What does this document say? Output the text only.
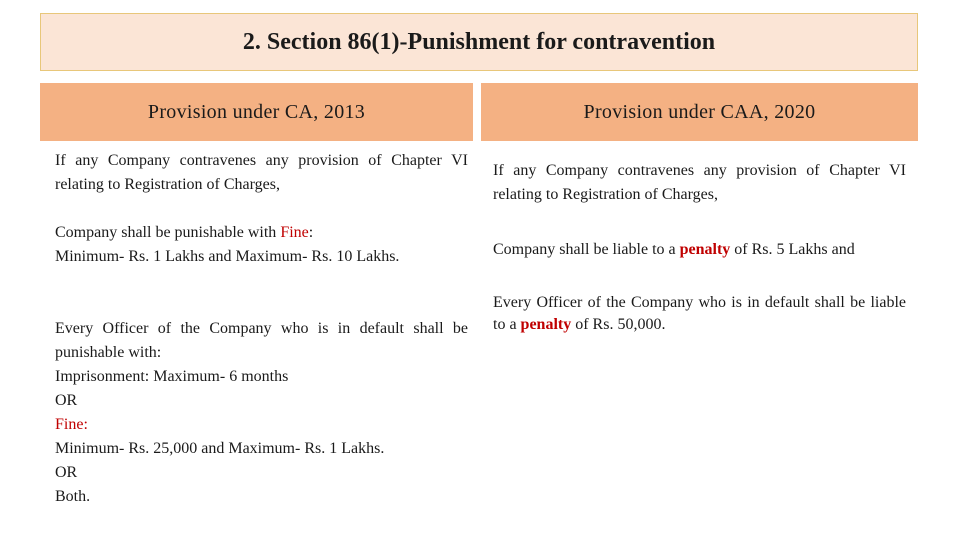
2. Section 86(1)-Punishment for contravention
Provision under CA, 2013	Provision under CAA, 2020

If any Company contravenes any provision of Chapter VI relating to Registration of Charges,

Company shall be punishable with Fine:
Minimum- Rs. 1 Lakhs and Maximum- Rs. 10 Lakhs.

Every Officer of the Company who is in default shall be punishable with:
Imprisonment: Maximum- 6 months
OR
Fine:
Minimum- Rs. 25,000 and Maximum- Rs. 1 Lakhs.
OR
Both.

If any Company contravenes any provision of Chapter VI relating to Registration of Charges,

Company shall be liable to a penalty of Rs. 5 Lakhs and

Every Officer of the Company who is in default shall be liable to a penalty of Rs. 50,000.
